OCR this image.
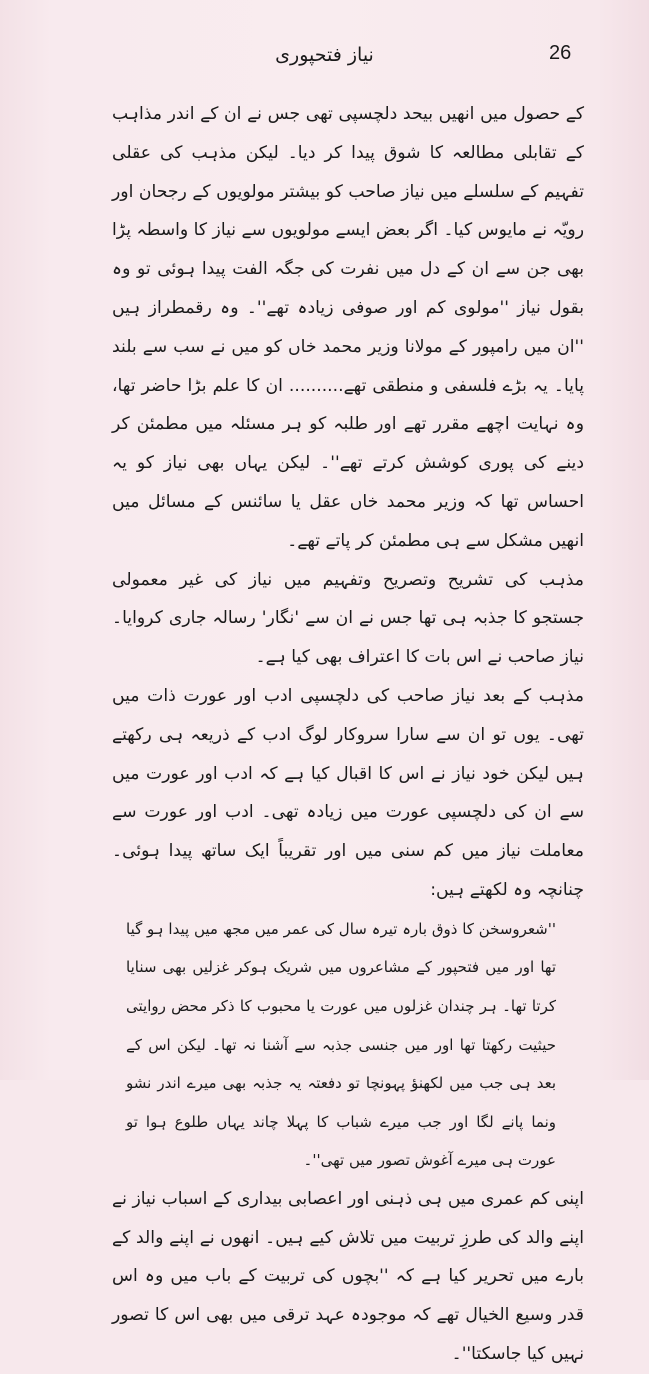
26
نیاز فتحپوری

کے حصول میں انھیں بیحد دلچسپی تھی جس نے ان کے اندر مذاہب کے تقابلی مطالعہ کا شوق پیدا کر دیا۔ لیکن مذہب کی عقلی تفہیم کے سلسلے میں نیاز صاحب کو بیشتر مولویوں کے رجحان اور رویّہ نے مایوس کیا۔ اگر بعض ایسے مولویوں سے نیاز کا واسطہ پڑا بھی جن سے ان کے دل میں نفرت کی جگہ الفت پیدا ہوئی تو وہ بقول نیاز ''مولوی کم اور صوفی زیادہ تھے''۔ وہ رقمطراز ہیں ''ان میں رامپور کے مولانا وزیر محمد خاں کو میں نے سب سے بلند پایا۔ یہ بڑے فلسفی و منطقی تھے.......... ان کا علم بڑا حاضر تھا، وہ نہایت اچھے مقرر تھے اور طلبہ کو ہر مسئلہ میں مطمئن کر دینے کی پوری کوشش کرتے تھے''۔ لیکن یہاں بھی نیاز کو یہ احساس تھا کہ وزیر محمد خاں عقل یا سائنس کے مسائل میں انھیں مشکل سے ہی مطمئن کر پاتے تھے۔

مذہب کی تشریح وتصریح وتفہیم میں نیاز کی غیر معمولی جستجو کا جذبہ ہی تھا جس نے ان سے 'نگار' رسالہ جاری کروایا۔ نیاز صاحب نے اس بات کا اعتراف بھی کیا ہے۔

مذہب کے بعد نیاز صاحب کی دلچسپی ادب اور عورت ذات میں تھی۔ یوں تو ان سے سارا سروکار لوگ ادب کے ذریعہ ہی رکھتے ہیں لیکن خود نیاز نے اس کا اقبال کیا ہے کہ ادب اور عورت میں سے ان کی دلچسپی عورت میں زیادہ تھی۔ ادب اور عورت سے معاملت نیاز میں کم سنی میں اور تقریباً ایک ساتھ پیدا ہوئی۔ چنانچہ وہ لکھتے ہیں:

''شعروسخن کا ذوق بارہ تیرہ سال کی عمر میں مجھ میں پیدا ہو گیا تھا اور میں فتحپور کے مشاعروں میں شریک ہوکر غزلیں بھی سنایا کرتا تھا۔ ہر چندان غزلوں میں عورت یا محبوب کا ذکر محض روایتی حیثیت رکھتا تھا اور میں جنسی جذبہ سے آشنا نہ تھا۔ لیکن اس کے بعد ہی جب میں لکھنؤ پہونچا تو دفعتہ یہ جذبہ بھی میرے اندر نشو ونما پانے لگا اور جب میرے شباب کا پہلا چاند یہاں طلوع ہوا تو عورت ہی میرے آغوش تصور میں تھی''۔

اپنی کم عمری میں ہی ذہنی اور اعصابی بیداری کے اسباب نیاز نے اپنے والد کی طرزِ تربیت میں تلاش کیے ہیں۔ انھوں نے اپنے والد کے بارے میں تحریر کیا ہے کہ ''بچوں کی تربیت کے باب میں وہ اس قدر وسیع الخیال تھے کہ موجودہ عہد ترقی میں بھی اس کا تصور نہیں کیا جاسکتا''۔
